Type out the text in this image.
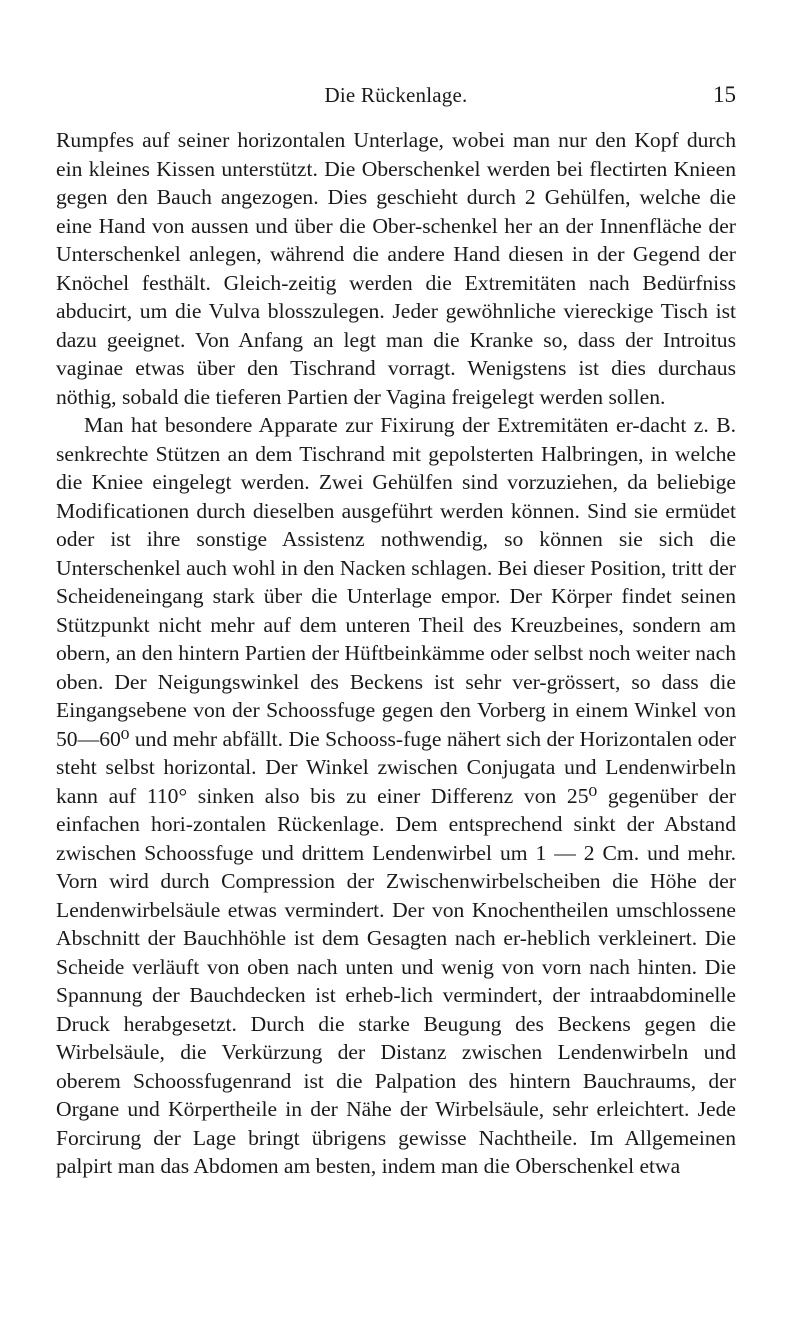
Die Rückenlage.	15

Rumpfes auf seiner horizontalen Unterlage, wobei man nur den Kopf durch ein kleines Kissen unterstützt. Die Oberschenkel werden bei flectirten Knieen gegen den Bauch angezogen. Dies geschieht durch 2 Gehülfen, welche die eine Hand von aussen und über die Ober-schenkel her an der Innenfläche der Unterschenkel anlegen, während die andere Hand diesen in der Gegend der Knöchel festhält. Gleich-zeitig werden die Extremitäten nach Bedürfniss abducirt, um die Vulva blosszulegen. Jeder gewöhnliche viereckige Tisch ist dazu geeignet. Von Anfang an legt man die Kranke so, dass der Introitus vaginae etwas über den Tischrand vorragt. Wenigstens ist dies durchaus nöthig, sobald die tieferen Partien der Vagina freigelegt werden sollen.

Man hat besondere Apparate zur Fixirung der Extremitäten er-dacht z. B. senkrechte Stützen an dem Tischrand mit gepolsterten Halbringen, in welche die Kniee eingelegt werden. Zwei Gehülfen sind vorzuziehen, da beliebige Modificationen durch dieselben ausgeführt werden können. Sind sie ermüdet oder ist ihre sonstige Assistenz nothwendig, so können sie sich die Unterschenkel auch wohl in den Nacken schlagen. Bei dieser Position, tritt der Scheideneingang stark über die Unterlage empor. Der Körper findet seinen Stützpunkt nicht mehr auf dem unteren Theil des Kreuzbeines, sondern am obern, an den hintern Partien der Hüftbeinkämme oder selbst noch weiter nach oben. Der Neigungswinkel des Beckens ist sehr ver-grössert, so dass die Eingangsebene von der Schoossfuge gegen den Vorberg in einem Winkel von 50—60⁰ und mehr abfällt. Die Schooss-fuge nähert sich der Horizontalen oder steht selbst horizontal. Der Winkel zwischen Conjugata und Lendenwirbeln kann auf 110° sinken also bis zu einer Differenz von 25⁰ gegenüber der einfachen hori-zontalen Rückenlage. Dem entsprechend sinkt der Abstand zwischen Schoossfuge und drittem Lendenwirbel um 1 — 2 Cm. und mehr. Vorn wird durch Compression der Zwischenwirbelscheiben die Höhe der Lendenwirbelsäule etwas vermindert. Der von Knochentheilen umschlossene Abschnitt der Bauchhöhle ist dem Gesagten nach er-heblich verkleinert. Die Scheide verläuft von oben nach unten und wenig von vorn nach hinten. Die Spannung der Bauchdecken ist erheb-lich vermindert, der intraabdominelle Druck herabgesetzt. Durch die starke Beugung des Beckens gegen die Wirbelsäule, die Verkürzung der Distanz zwischen Lendenwirbeln und oberem Schoossfugenrand ist die Palpation des hintern Bauchraums, der Organe und Körpertheile in der Nähe der Wirbelsäule, sehr erleichtert. Jede Forcirung der Lage bringt übrigens gewisse Nachtheile. Im Allgemeinen palpirt man das Abdomen am besten, indem man die Oberschenkel etwa
